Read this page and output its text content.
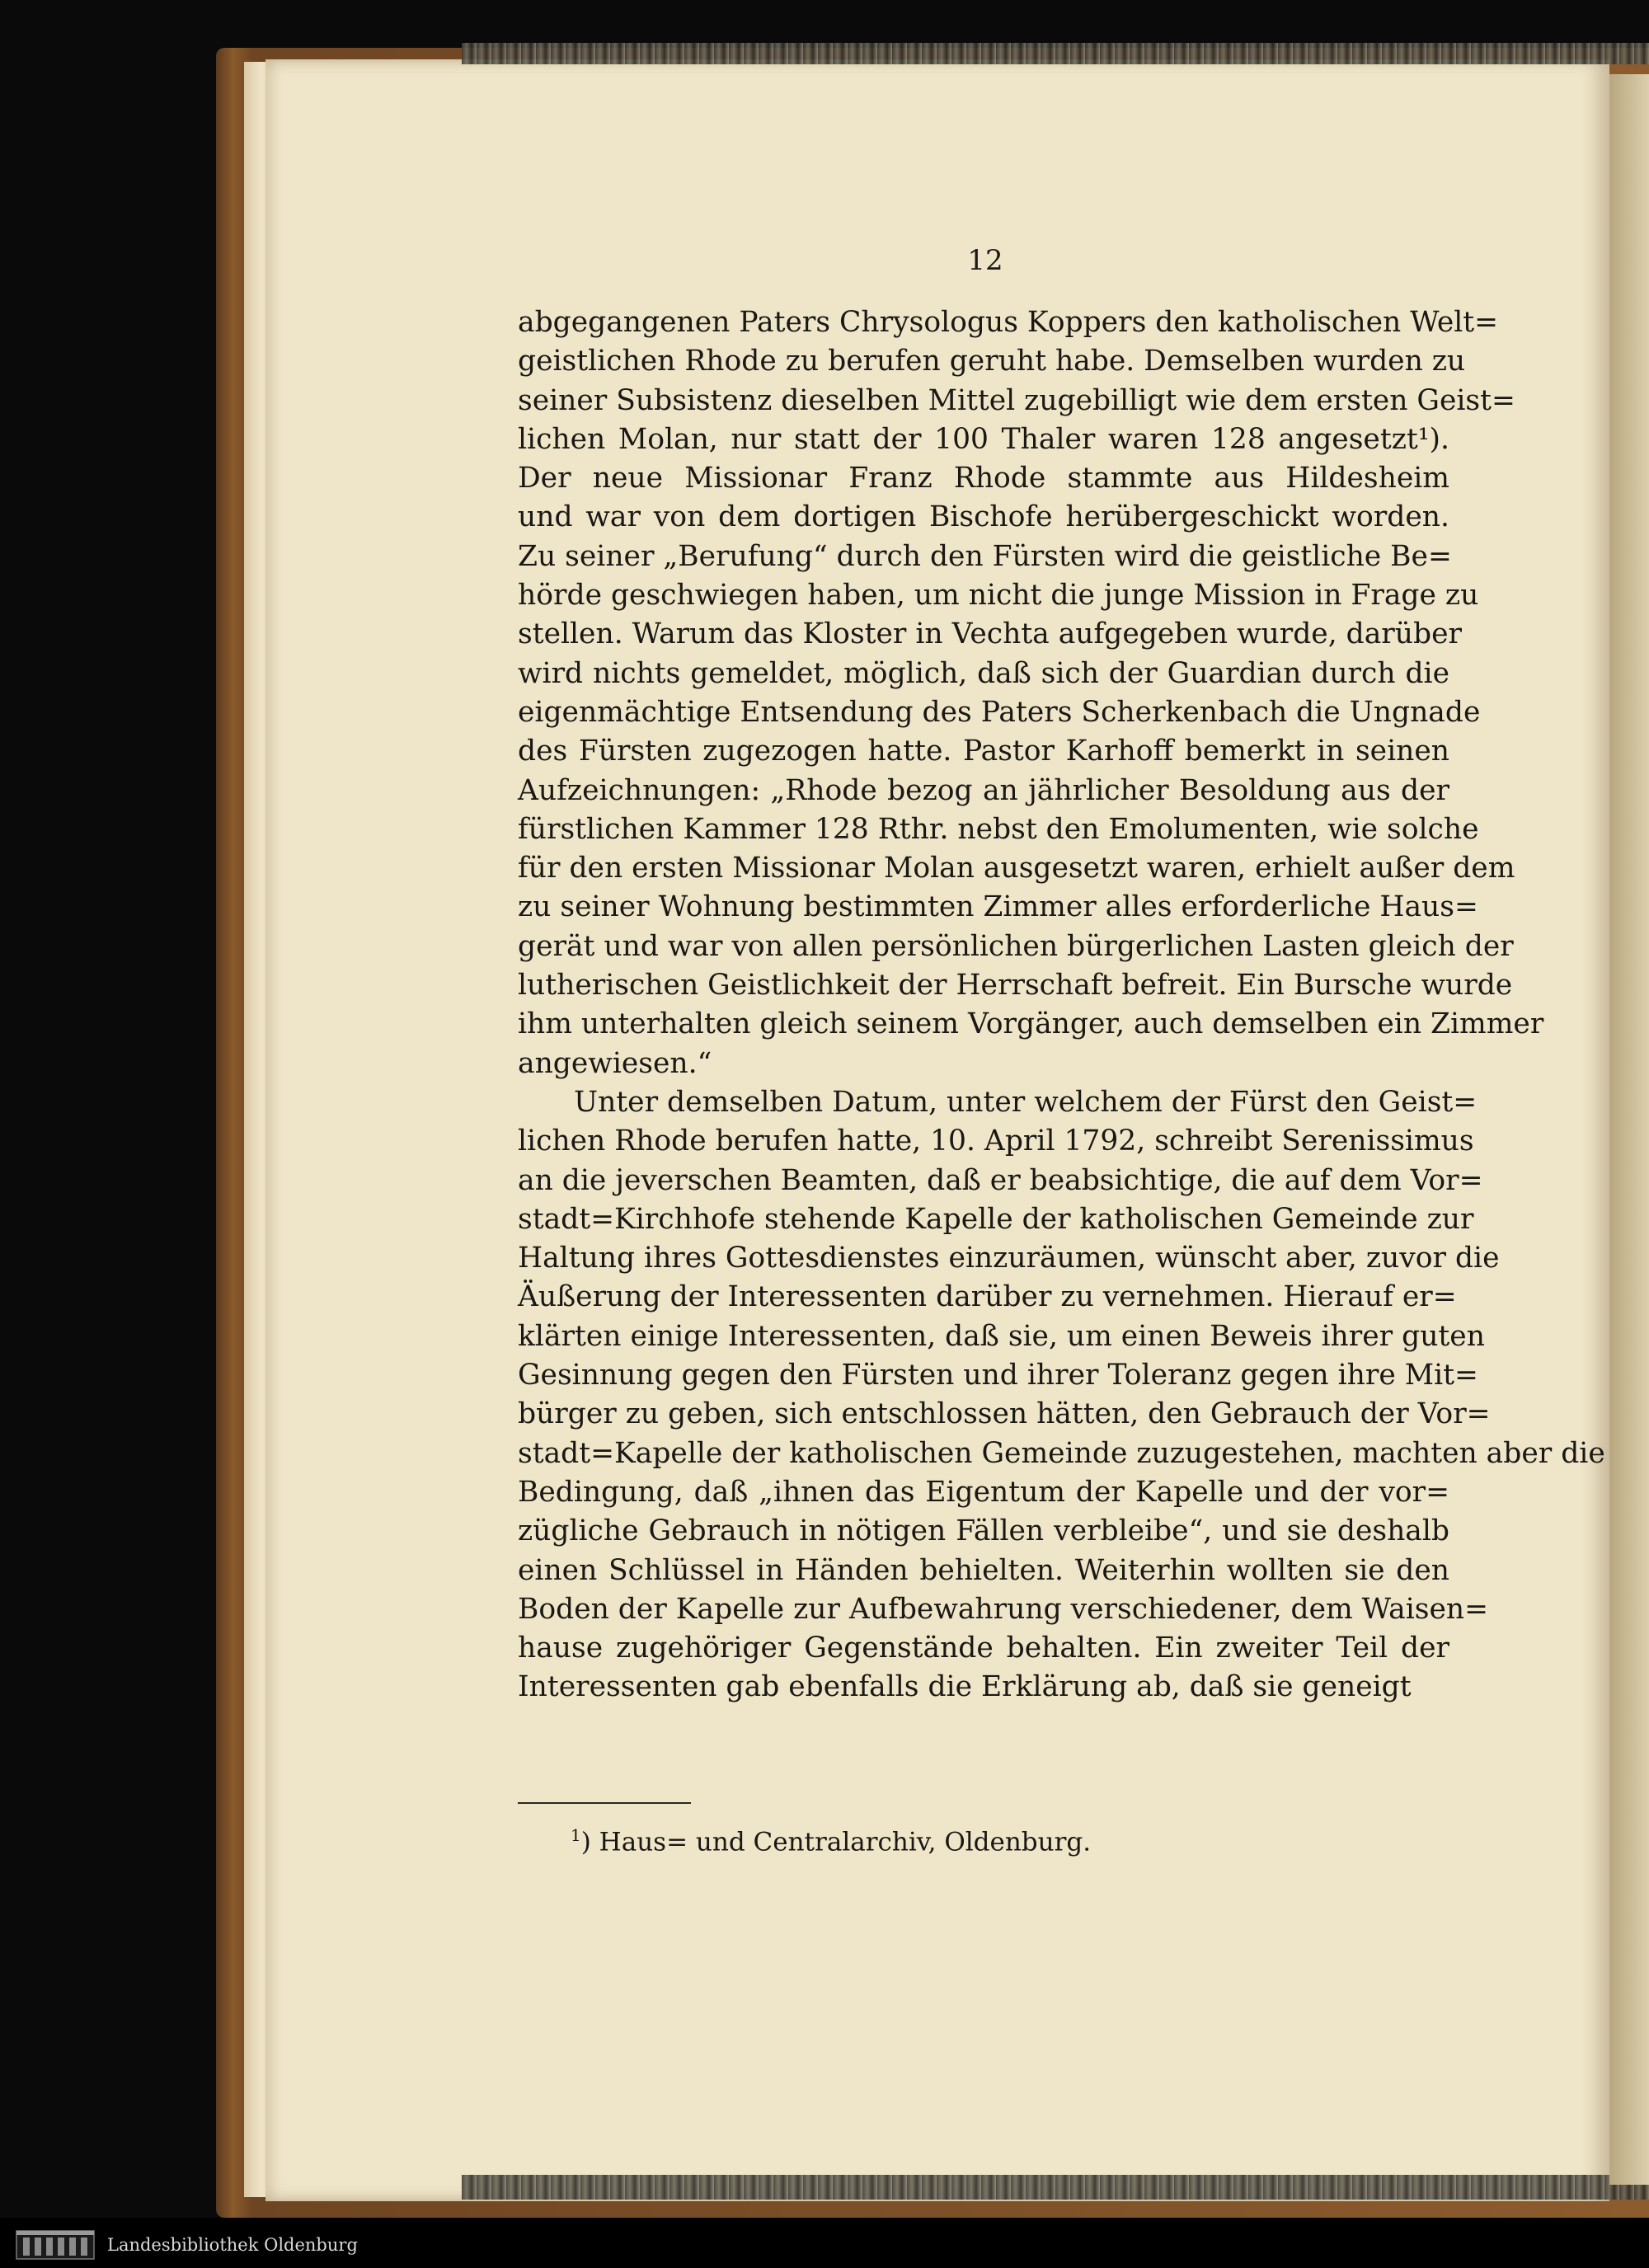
12
abgegangenen Paters Chrysologus Koppers den katholischen Welt=
geistlichen Rhode zu berufen geruht habe. Demselben wurden zu
seiner Subsistenz dieselben Mittel zugebilligt wie dem ersten Geist=
lichen Molan, nur statt der 100 Thaler waren 128 angesetzt¹).
Der neue Missionar Franz Rhode stammte aus Hildesheim
und war von dem dortigen Bischofe herübergeschickt worden.
Zu seiner „Berufung“ durch den Fürsten wird die geistliche Be=
hörde geschwiegen haben, um nicht die junge Mission in Frage zu
stellen. Warum das Kloster in Vechta aufgegeben wurde, darüber
wird nichts gemeldet, möglich, daß sich der Guardian durch die
eigenmächtige Entsendung des Paters Scherkenbach die Ungnade
des Fürsten zugezogen hatte. Pastor Karhoff bemerkt in seinen
Aufzeichnungen: „Rhode bezog an jährlicher Besoldung aus der
fürstlichen Kammer 128 Rthr. nebst den Emolumenten, wie solche
für den ersten Missionar Molan ausgesetzt waren, erhielt außer dem
zu seiner Wohnung bestimmten Zimmer alles erforderliche Haus=
gerät und war von allen persönlichen bürgerlichen Lasten gleich der
lutherischen Geistlichkeit der Herrschaft befreit. Ein Bursche wurde
ihm unterhalten gleich seinem Vorgänger, auch demselben ein Zimmer
angewiesen.“
Unter demselben Datum, unter welchem der Fürst den Geist=
lichen Rhode berufen hatte, 10. April 1792, schreibt Serenissimus
an die jeverschen Beamten, daß er beabsichtige, die auf dem Vor=
stadt=Kirchhofe stehende Kapelle der katholischen Gemeinde zur
Haltung ihres Gottesdienstes einzuräumen, wünscht aber, zuvor die
Äußerung der Interessenten darüber zu vernehmen. Hierauf er=
klärten einige Interessenten, daß sie, um einen Beweis ihrer guten
Gesinnung gegen den Fürsten und ihrer Toleranz gegen ihre Mit=
bürger zu geben, sich entschlossen hätten, den Gebrauch der Vor=
stadt=Kapelle der katholischen Gemeinde zuzugestehen, machten aber die
Bedingung, daß „ihnen das Eigentum der Kapelle und der vor=
zügliche Gebrauch in nötigen Fällen verbleibe“, und sie deshalb
einen Schlüssel in Händen behielten. Weiterhin wollten sie den
Boden der Kapelle zur Aufbewahrung verschiedener, dem Waisen=
hause zugehöriger Gegenstände behalten. Ein zweiter Teil der
Interessenten gab ebenfalls die Erklärung ab, daß sie geneigt
$^1$) Haus= und Centralarchiv, Oldenburg.
Landesbibliothek Oldenburg
